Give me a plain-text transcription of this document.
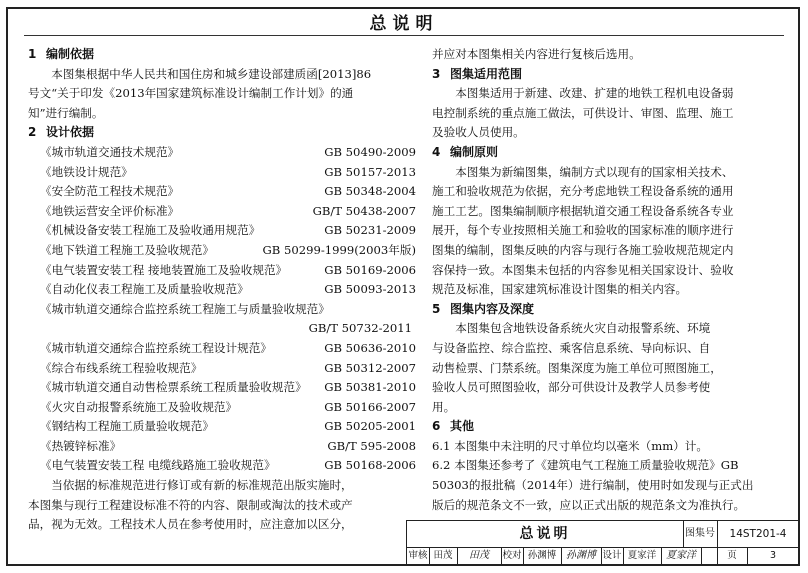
总说明
1 编制依据
本图集根据中华人民共和国住房和城乡建设部建质函[2013]86
号文“关于印发《2013年国家建筑标准设计编制工作计划》的通
知”进行编制。
2 设计依据
《城市轨道交通技术规范》	GB 50490-2009
《地铁设计规范》	GB 50157-2013
《安全防范工程技术规范》	GB 50348-2004
《地铁运营安全评价标准》	GB/T 50438-2007
《机械设备安装工程施工及验收通用规范》	GB 50231-2009
《地下铁道工程施工及验收规范》	GB 50299-1999(2003年版)
《电气装置安装工程 接地装置施工及验收规范》	GB 50169-2006
《自动化仪表工程施工及质量验收规范》	GB 50093-2013
《城市轨道交通综合监控系统工程施工与质量验收规范》
GB/T 50732-2011
《城市轨道交通综合监控系统工程设计规范》	GB 50636-2010
《综合布线系统工程验收规范》	GB 50312-2007
《城市轨道交通自动售检票系统工程质量验收规范》 GB 50381-2010
《火灾自动报警系统施工及验收规范》	GB 50166-2007
《钢结构工程施工质量验收规范》	GB 50205-2001
《热镀锌标准》	GB/T 595-2008
《电气装置安装工程 电缆线路施工验收规范》	GB 50168-2006
当依据的标准规范进行修订或有新的标准规范出版实施时，
本图集与现行工程建设标准不符的内容、限制或淘汰的技术或产
品，视为无效。工程技术人员在参考使用时，应注意加以区分，
并应对本图集相关内容进行复核后选用。
3 图集适用范围
本图集适用于新建、改建、扩建的地铁工程机电设备弱
电控制系统的重点施工做法，可供设计、审图、监理、施工
及验收人员使用。
4 编制原则
本图集为新编图集，编制方式以现有的国家相关技术、
施工和验收规范为依据，充分考虑地铁工程设备系统的通用
施工工艺。图集编制顺序根据轨道交通工程设备系统各专业
展开，每个专业按照相关施工和验收的国家标准的顺序进行
图集的编制，图集反映的内容与现行各施工验收规范规定内
容保持一致。本图集未包括的内容参见相关国家设计、验收
规范及标准，国家建筑标准设计图集的相关内容。
5 图集内容及深度
本图集包含地铁设备系统火灾自动报警系统、环境
与设备监控、综合监控、乘客信息系统、导向标识、自
动售检票、门禁系统。图集深度为施工单位可照图施工，
验收人员可照图验收，部分可供设计及教学人员参考使
用。
6 其他
6.1 本图集中未注明的尺寸单位均以毫米（mm）计。
6.2 本图集还参考了《建筑电气工程施工质量验收规范》GB
50303的报批稿（2014年）进行编制，使用时如发现与正式出
版后的规范条文不一致，应以正式出版的规范条文为准执行。
总说明	图集号	14ST201-4
审核 田茂	田茂	校对 孙渊博 孙渊博 设计 夏家洋 夏家洋	页	3
